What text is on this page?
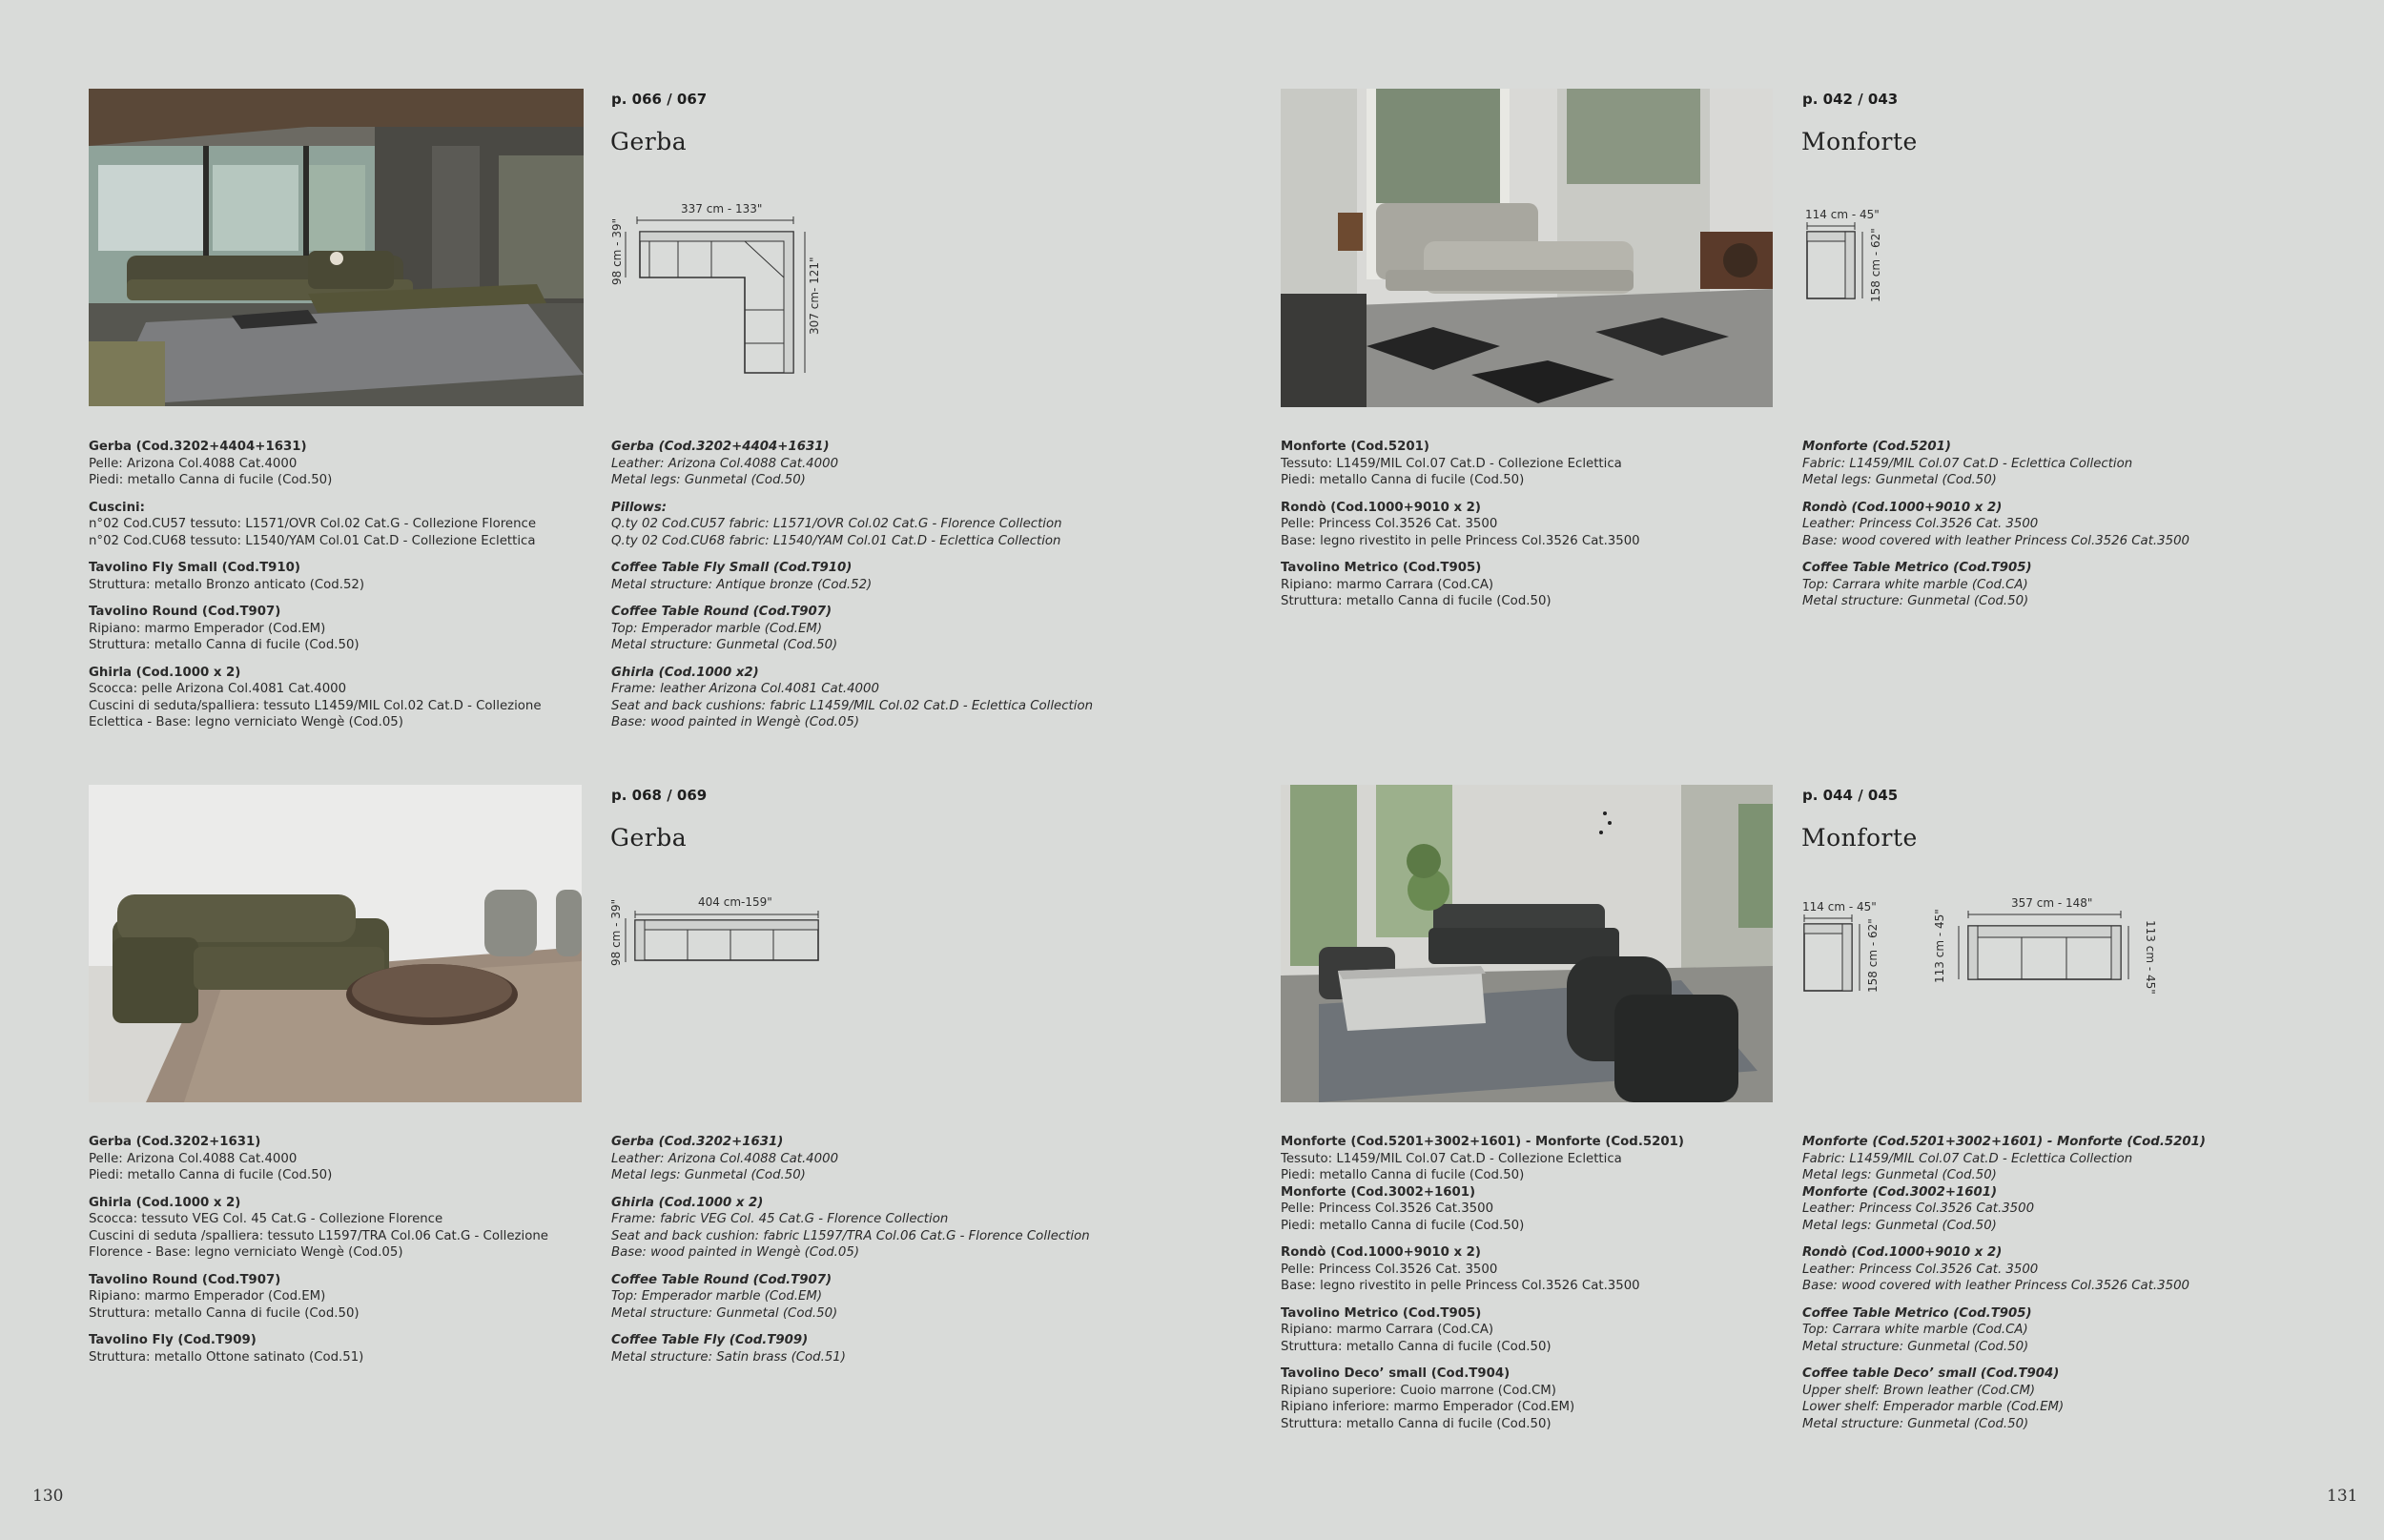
p. 066 / 067
Gerba
337 cm - 133"
98 cm - 39"
307 cm- 121"
Gerba (Cod.3202+4404+1631)
Pelle: Arizona Col.4088 Cat.4000
Piedi: metallo Canna di fucile (Cod.50)
Cuscini:
n°02 Cod.CU57 tessuto: L1571/OVR Col.02 Cat.G - Collezione Florence
n°02 Cod.CU68 tessuto: L1540/YAM Col.01 Cat.D - Collezione Eclettica
Tavolino Fly Small (Cod.T910)
Struttura: metallo Bronzo anticato (Cod.52)
Tavolino Round (Cod.T907)
Ripiano: marmo Emperador (Cod.EM)
Struttura: metallo Canna di fucile (Cod.50)
Ghirla (Cod.1000 x 2)
Scocca: pelle Arizona Col.4081 Cat.4000
Cuscini di seduta/spalliera: tessuto L1459/MIL Col.02 Cat.D - Collezione
Eclettica - Base: legno verniciato Wengè (Cod.05)
Gerba (Cod.3202+4404+1631)
Leather: Arizona Col.4088 Cat.4000
Metal legs: Gunmetal (Cod.50)
Pillows:
Q.ty 02 Cod.CU57 fabric: L1571/OVR Col.02 Cat.G - Florence Collection
Q.ty 02 Cod.CU68 fabric: L1540/YAM Col.01 Cat.D - Eclettica Collection
Coffee Table Fly Small (Cod.T910)
Metal structure: Antique bronze (Cod.52)
Coffee Table Round (Cod.T907)
Top: Emperador marble (Cod.EM)
Metal structure: Gunmetal (Cod.50)
Ghirla (Cod.1000 x2)
Frame: leather Arizona Col.4081 Cat.4000
Seat and back cushions: fabric L1459/MIL Col.02 Cat.D - Eclettica Collection
Base: wood painted in Wengè (Cod.05)
p. 068 / 069
Gerba
404 cm-159"
98 cm - 39"
Gerba (Cod.3202+1631)
Pelle: Arizona Col.4088 Cat.4000
Piedi: metallo Canna di fucile (Cod.50)
Ghirla (Cod.1000 x 2)
Scocca: tessuto VEG Col. 45 Cat.G - Collezione Florence
Cuscini di seduta /spalliera: tessuto L1597/TRA Col.06 Cat.G - Collezione
Florence - Base: legno verniciato Wengè (Cod.05)
Tavolino Round (Cod.T907)
Ripiano: marmo Emperador (Cod.EM)
Struttura: metallo Canna di fucile (Cod.50)
Tavolino Fly (Cod.T909)
Struttura: metallo Ottone satinato (Cod.51)
Gerba (Cod.3202+1631)
Leather: Arizona Col.4088 Cat.4000
Metal legs: Gunmetal (Cod.50)
Ghirla (Cod.1000 x 2)
Frame: fabric VEG Col. 45 Cat.G - Florence Collection
Seat and back cushion: fabric L1597/TRA Col.06 Cat.G - Florence Collection
Base: wood painted in Wengè (Cod.05)
Coffee Table Round (Cod.T907)
Top: Emperador marble (Cod.EM)
Metal structure: Gunmetal (Cod.50)
Coffee Table Fly (Cod.T909)
Metal structure: Satin brass (Cod.51)
p. 042 / 043
Monforte
114 cm - 45"
158 cm - 62"
Monforte (Cod.5201)
Tessuto: L1459/MIL Col.07 Cat.D - Collezione Eclettica
Piedi: metallo Canna di fucile (Cod.50)
Rondò (Cod.1000+9010 x 2)
Pelle: Princess Col.3526 Cat. 3500
Base: legno rivestito in pelle Princess Col.3526 Cat.3500
Tavolino Metrico (Cod.T905)
Ripiano: marmo Carrara (Cod.CA)
Struttura: metallo Canna di fucile (Cod.50)
Monforte (Cod.5201)
Fabric: L1459/MIL Col.07 Cat.D - Eclettica Collection
Metal legs: Gunmetal (Cod.50)
Rondò (Cod.1000+9010 x 2)
Leather: Princess Col.3526 Cat. 3500
Base: wood covered with leather Princess Col.3526 Cat.3500
Coffee Table Metrico (Cod.T905)
Top: Carrara white marble (Cod.CA)
Metal structure: Gunmetal (Cod.50)
p. 044 / 045
Monforte
114 cm - 45"
158 cm - 62"
357 cm - 148"
113 cm - 45"	113 cm - 45"
Monforte (Cod.5201+3002+1601) - Monforte (Cod.5201)
Tessuto: L1459/MIL Col.07 Cat.D - Collezione Eclettica
Piedi: metallo Canna di fucile (Cod.50)
Monforte (Cod.3002+1601)
Pelle: Princess Col.3526 Cat.3500
Piedi: metallo Canna di fucile (Cod.50)
Rondò (Cod.1000+9010 x 2)
Pelle: Princess Col.3526 Cat. 3500
Base: legno rivestito in pelle Princess Col.3526 Cat.3500
Tavolino Metrico (Cod.T905)
Ripiano: marmo Carrara (Cod.CA)
Struttura: metallo Canna di fucile (Cod.50)
Tavolino Deco’ small (Cod.T904)
Ripiano superiore: Cuoio marrone (Cod.CM)
Ripiano inferiore: marmo Emperador (Cod.EM)
Struttura: metallo Canna di fucile (Cod.50)
Monforte (Cod.5201+3002+1601) - Monforte (Cod.5201)
Fabric: L1459/MIL Col.07 Cat.D - Eclettica Collection
Metal legs: Gunmetal (Cod.50)
Monforte (Cod.3002+1601)
Leather: Princess Col.3526 Cat.3500
Metal legs: Gunmetal (Cod.50)
Rondò (Cod.1000+9010 x 2)
Leather: Princess Col.3526 Cat. 3500
Base: wood covered with leather Princess Col.3526 Cat.3500
Coffee Table Metrico (Cod.T905)
Top: Carrara white marble (Cod.CA)
Metal structure: Gunmetal (Cod.50)
Coffee table Deco’ small (Cod.T904)
Upper shelf: Brown leather (Cod.CM)
Lower shelf: Emperador marble (Cod.EM)
Metal structure: Gunmetal (Cod.50)
130	131
